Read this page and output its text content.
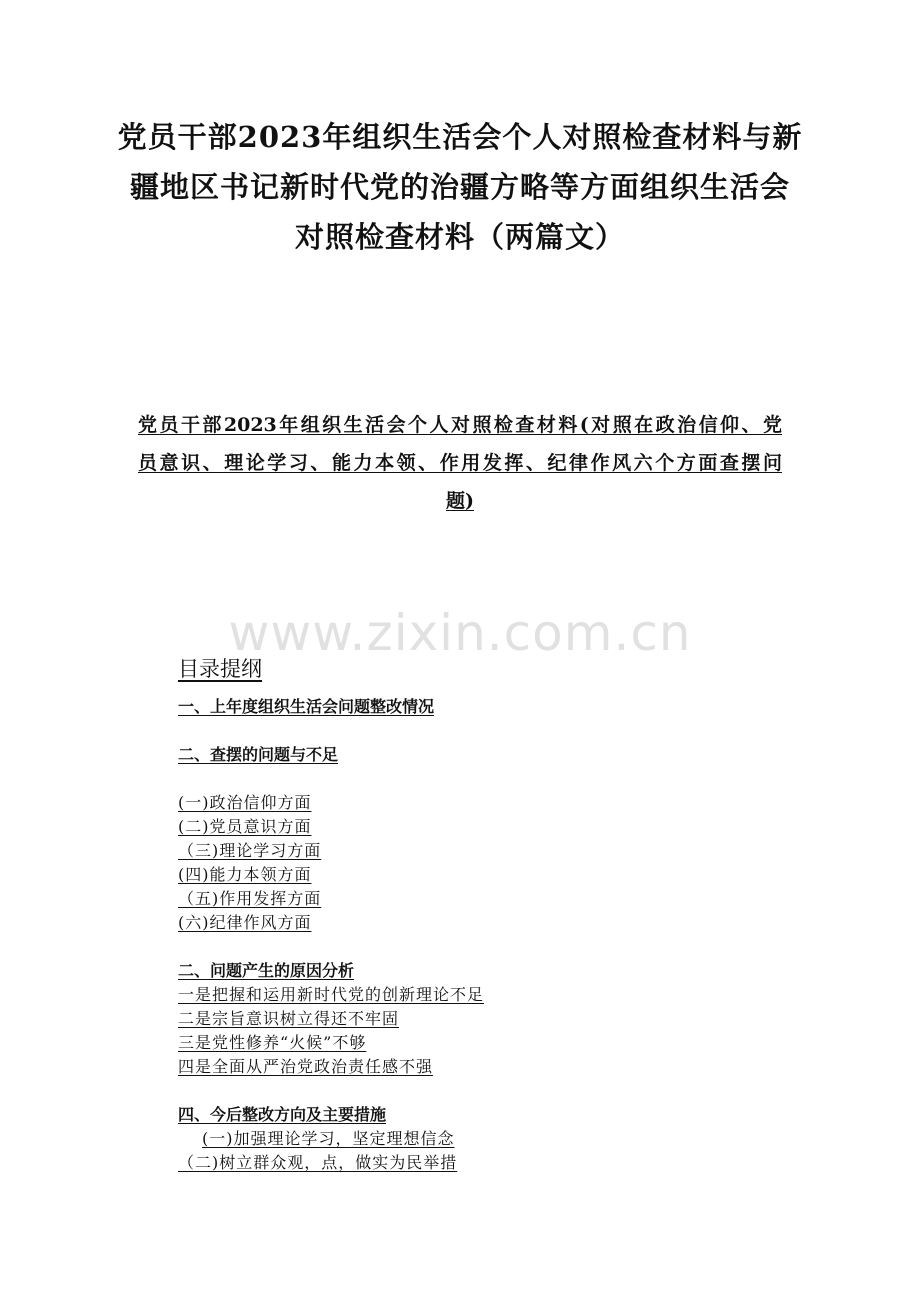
党员干部2023年组织生活会个人对照检查材料与新
疆地区书记新时代党的治疆方略等方面组织生活会
对照检查材料（两篇文）
党员干部2023年组织生活会个人对照检查材料(对照在政治信仰、党
员意识、理论学习、能力本领、作用发挥、纪律作风六个方面查摆问
题)
www.zixin.com.cn
目录提纲
一、上年度组织生活会问题整改情况
二、查摆的问题与不足
(一)政治信仰方面
(二)党员意识方面
（三)理论学习方面
(四)能力本领方面
（五)作用发挥方面
(六)纪律作风方面
二、问题产生的原因分析
一是把握和运用新时代党的创新理论不足
二是宗旨意识树立得还不牢固
三是党性修养“火候”不够
四是全面从严治党政治责任感不强
四、今后整改方向及主要措施
(一)加强理论学习，坚定理想信念
（二)树立群众观，点，做实为民举措
